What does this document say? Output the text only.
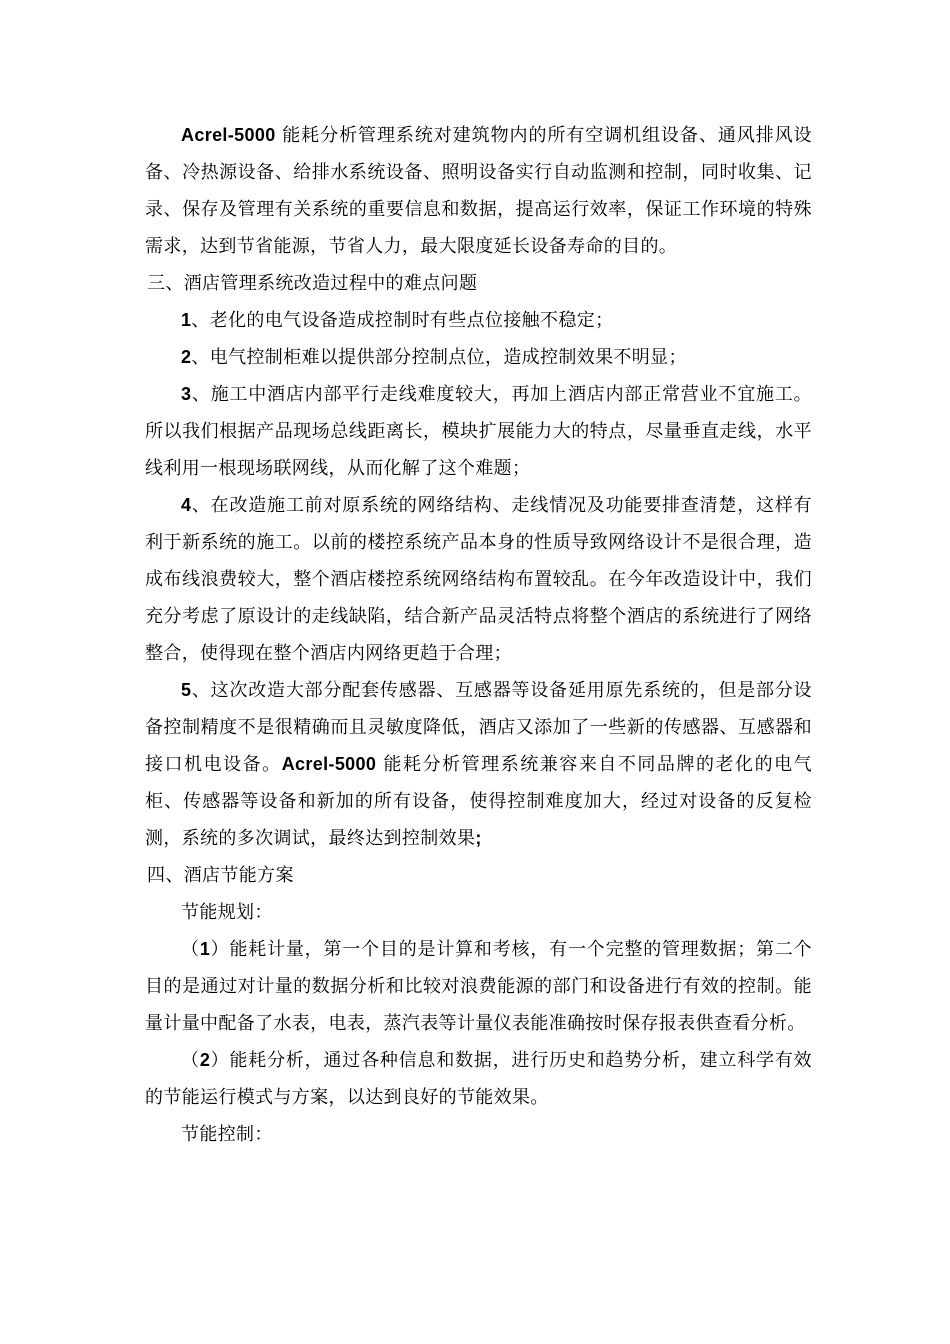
Acrel-5000 能耗分析管理系统对建筑物内的所有空调机组设备、通风排风设备、冷热源设备、给排水系统设备、照明设备实行自动监测和控制，同时收集、记录、保存及管理有关系统的重要信息和数据，提高运行效率，保证工作环境的特殊需求，达到节省能源，节省人力，最大限度延长设备寿命的目的。

三、酒店管理系统改造过程中的难点问题

1、老化的电气设备造成控制时有些点位接触不稳定；

2、电气控制柜难以提供部分控制点位，造成控制效果不明显；

3、施工中酒店内部平行走线难度较大，再加上酒店内部正常营业不宜施工。所以我们根据产品现场总线距离长，模块扩展能力大的特点，尽量垂直走线，水平线利用一根现场联网线，从而化解了这个难题；

4、在改造施工前对原系统的网络结构、走线情况及功能要排查清楚，这样有利于新系统的施工。以前的楼控系统产品本身的性质导致网络设计不是很合理，造成布线浪费较大，整个酒店楼控系统网络结构布置较乱。在今年改造设计中，我们充分考虑了原设计的走线缺陷，结合新产品灵活特点将整个酒店的系统进行了网络整合，使得现在整个酒店内网络更趋于合理；

5、这次改造大部分配套传感器、互感器等设备延用原先系统的，但是部分设备控制精度不是很精确而且灵敏度降低，酒店又添加了一些新的传感器、互感器和接口机电设备。Acrel-5000 能耗分析管理系统兼容来自不同品牌的老化的电气柜、传感器等设备和新加的所有设备，使得控制难度加大，经过对设备的反复检测，系统的多次调试，最终达到控制效果;

四、酒店节能方案

节能规划：

（1）能耗计量，第一个目的是计算和考核，有一个完整的管理数据；第二个目的是通过对计量的数据分析和比较对浪费能源的部门和设备进行有效的控制。能量计量中配备了水表，电表，蒸汽表等计量仪表能准确按时保存报表供查看分析。

（2）能耗分析，通过各种信息和数据，进行历史和趋势分析，建立科学有效的节能运行模式与方案，以达到良好的节能效果。

节能控制：
